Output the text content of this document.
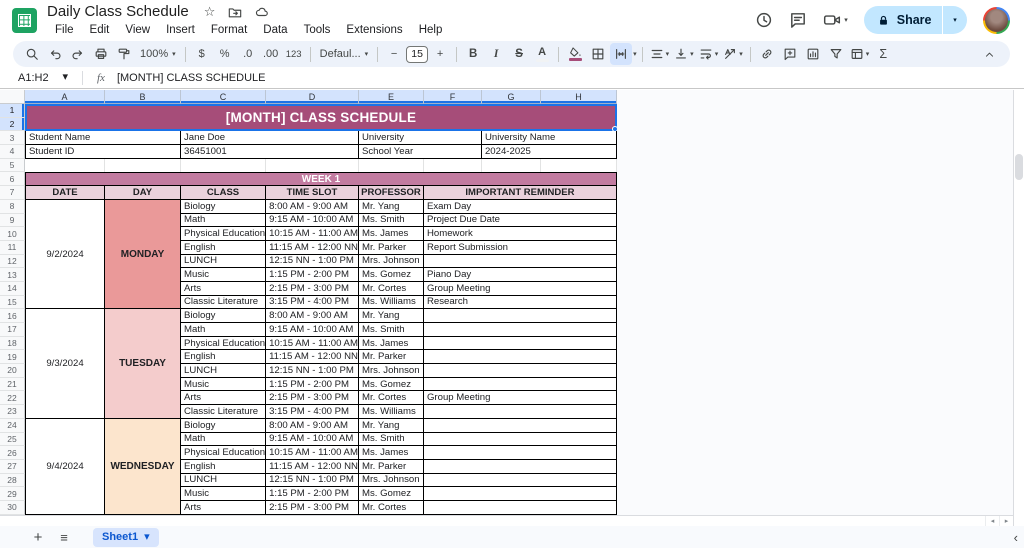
Daily Class Schedule ☆
File	Edit	View	Insert	Format	Data	Tools	Extensions	Help
▾	Share	▾
100% ▾	$	%	.0 .00 123 Defaul... ▾	−	15	+	B	I	S	A	▾	▾	▾	▾	▾	▾ Σ
A1:H2 ▾	fx [MONTH] CLASS SCHEDULE
	A	B	C	D	E	F	G	H
1	[MONTH] CLASS SCHEDULE							

2								
3	Student Name		Jane Doe		University		University Name	
4	Student ID		36451001		School Year		2024-2025	
5								
6	WEEK 1							
7	DATE	DAY	CLASS	TIME SLOT	PROFESSOR	IMPORTANT REMINDER		
8	9/2/2024	MONDAY	Biology	8:00 AM - 9:00 AM	Mr. Yang	Exam Day		
9			Math	9:15 AM - 10:00 AM	Ms. Smith	Project Due Date		
10			Physical Education	10:15 AM - 11:00 AM	Ms. James	Homework		
11			English	11:15 AM - 12:00 NN	Mr. Parker	Report Submission		
12			LUNCH	12:15 NN - 1:00 PM	Mrs. Johnson			
13			Music	1:15 PM - 2:00 PM	Ms. Gomez	Piano Day		
14			Arts	2:15 PM - 3:00 PM	Mr. Cortes	Group Meeting		
15			Classic Literature	3:15 PM - 4:00 PM	Ms. Williams	Research		
16	9/3/2024	TUESDAY	Biology	8:00 AM - 9:00 AM	Mr. Yang			
17			Math	9:15 AM - 10:00 AM	Ms. Smith			
18			Physical Education	10:15 AM - 11:00 AM	Ms. James			
19			English	11:15 AM - 12:00 NN	Mr. Parker			
20			LUNCH	12:15 NN - 1:00 PM	Mrs. Johnson			
21			Music	1:15 PM - 2:00 PM	Ms. Gomez			
22			Arts	2:15 PM - 3:00 PM	Mr. Cortes	Group Meeting		
23			Classic Literature	3:15 PM - 4:00 PM	Ms. Williams			
24	9/4/2024	WEDNESDAY	Biology	8:00 AM - 9:00 AM	Mr. Yang			
25			Math	9:15 AM - 10:00 AM	Ms. Smith			
26			Physical Education	10:15 AM - 11:00 AM	Ms. James			
27			English	11:15 AM - 12:00 NN	Mr. Parker			
28			LUNCH	12:15 NN - 1:00 PM	Mrs. Johnson			
29			Music	1:15 PM - 2:00 PM	Ms. Gomez			
30			Arts	2:15 PM - 3:00 PM	Mr. Cortes			
◂	▸
+	≡	Sheet1 ▾	‹
